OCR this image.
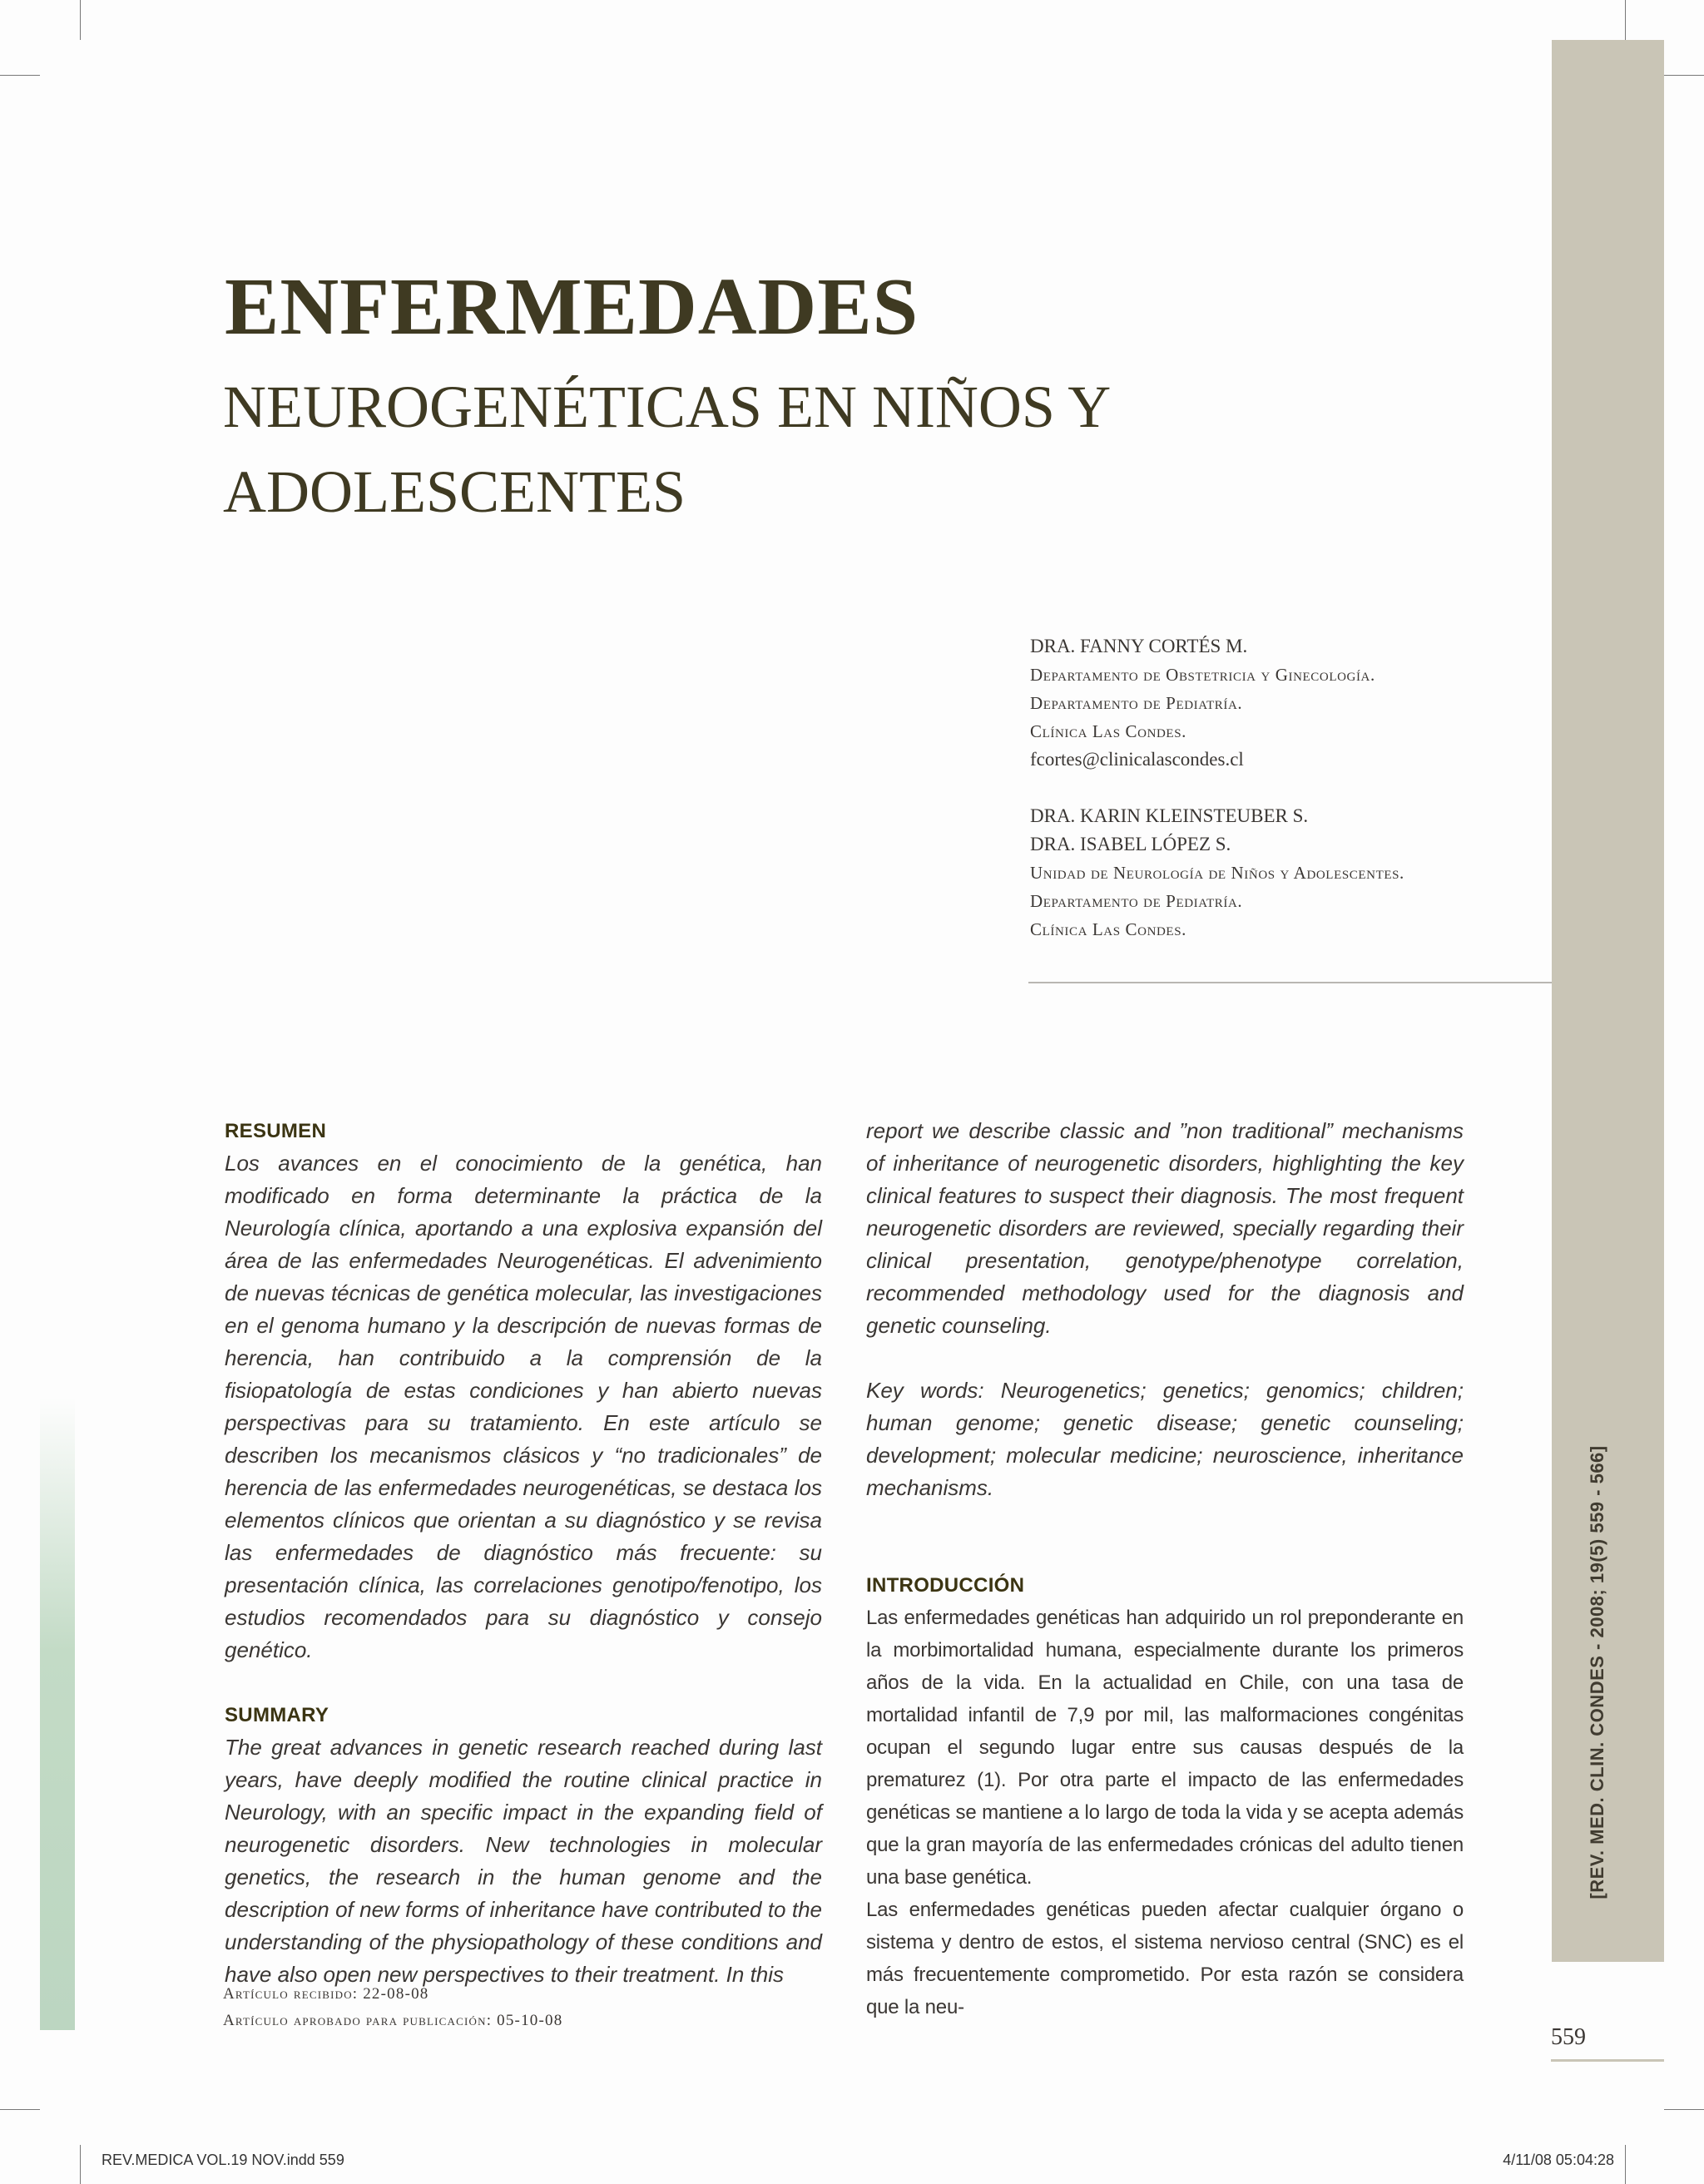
[REV. MED. CLIN. CONDES - 2008; 19(5) 559 - 566]
ENFERMEDADES
NEUROGENÉTICAS EN NIÑOS Y
ADOLESCENTES
DRA. FANNY CORTÉS M.
Departamento de Obstetricia y Ginecología.
Departamento de Pediatría.
Clínica Las Condes.
fcortes@clinicalascondes.cl
DRA. KARIN KLEINSTEUBER S.
DRA. ISABEL LÓPEZ S.
Unidad de Neurología de Niños y Adolescentes.
Departamento de Pediatría.
Clínica Las Condes.
RESUMEN

Los avances en el conocimiento de la genética, han modificado en forma determinante la práctica de la Neurología clínica, aportando a una explosiva expansión del área de las enfermedades Neurogenéticas. El advenimiento de nuevas técnicas de genética molecular, las investigaciones en el genoma humano y la descripción de nuevas formas de herencia, han contribuido a la comprensión de la fisiopatología de estas condiciones y han abierto nuevas perspectivas para su tratamiento. En este artículo se describen los mecanismos clásicos y “no tradicionales” de herencia de las enfermedades neurogenéticas, se destaca los elementos clínicos que orientan a su diagnóstico y se revisa las enfermedades de diagnóstico más frecuente: su presentación clínica, las correlaciones genotipo/fenotipo, los estudios recomendados para su diagnóstico y consejo genético.

SUMMARY

The great advances in genetic research reached during last years, have deeply modified the routine clinical practice in Neurology, with an specific impact in the expanding field of neurogenetic disorders. New technologies in molecular genetics, the research in the human genome and the description of new forms of inheritance have contributed to the understanding of the physiopathology of these conditions and have also open new perspectives to their treatment. In this

report we describe classic and ”non traditional” mechanisms of inheritance of neurogenetic disorders, highlighting the key clinical features to suspect their diagnosis. The most frequent neurogenetic disorders are reviewed, specially regarding their clinical presentation, genotype/phenotype correlation, recommended methodology used for the diagnosis and genetic counseling.

Key words: Neurogenetics; genetics; genomics; children; human genome; genetic disease; genetic counseling; development; molecular medicine; neuroscience, inheritance mechanisms.

INTRODUCCIÓN

Las enfermedades genéticas han adquirido un rol preponderante en la morbimortalidad humana, especialmente durante los primeros años de la vida. En la actualidad en Chile, con una tasa de mortalidad infantil de 7,9 por mil, las malformaciones congénitas ocupan el segundo lugar entre sus causas después de la prematurez (1). Por otra parte el impacto de las enfermedades genéticas se mantiene a lo largo de toda la vida y se acepta además que la gran mayoría de las enfermedades crónicas del adulto tienen una base genética.

Las enfermedades genéticas pueden afectar cualquier órgano o sistema y dentro de estos, el sistema nervioso central (SNC) es el más frecuentemente comprometido. Por esta razón se considera que la neu-

Artículo recibido: 22-08-08
Artículo aprobado para publicación: 05-10-08
559
REV.MEDICA VOL.19 NOV.indd 559	4/11/08 05:04:28
